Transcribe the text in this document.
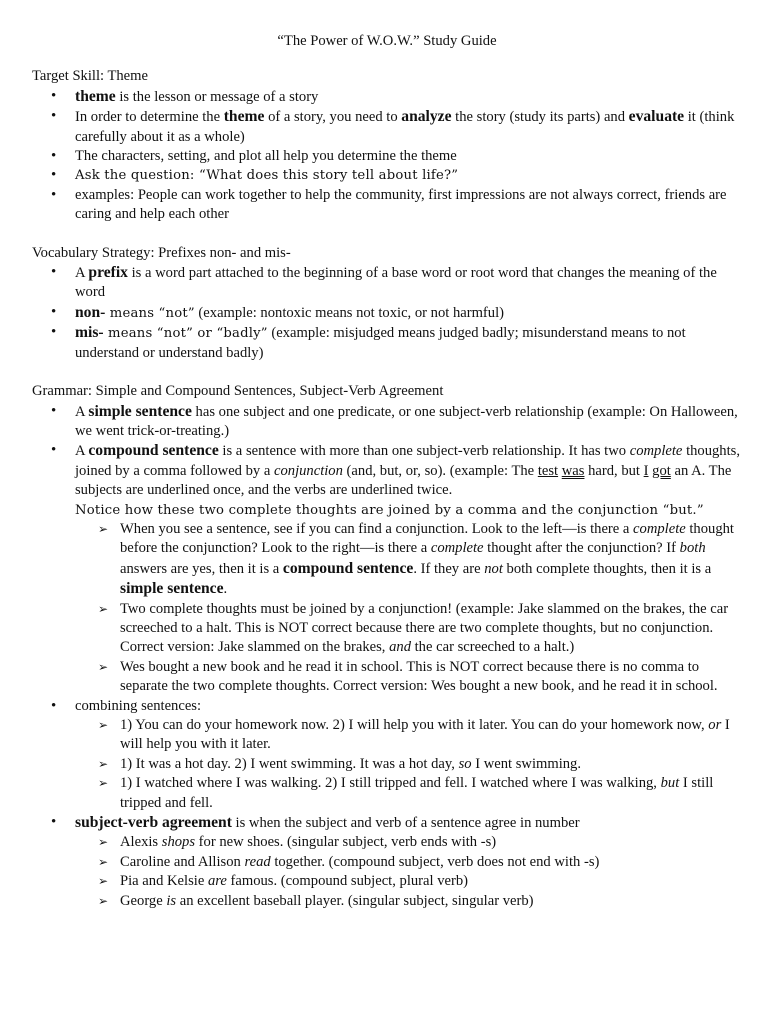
“The Power of W.O.W.” Study Guide
Target Skill: Theme
• theme is the lesson or message of a story
• In order to determine the theme of a story, you need to analyze the story (study its parts) and evaluate it (think carefully about it as a whole)
• The characters, setting, and plot all help you determine the theme
• Ask the question: “What does this story tell about life?”
• examples: People can work together to help the community, first impressions are not always correct, friends are caring and help each other
Vocabulary Strategy: Prefixes non- and mis-
• A prefix is a word part attached to the beginning of a base word or root word that changes the meaning of the word
• non- means “not” (example: nontoxic means not toxic, or not harmful)
• mis- means “not” or “badly” (example: misjudged means judged badly; misunderstand means to not understand or understand badly)
Grammar: Simple and Compound Sentences, Subject-Verb Agreement
• A simple sentence has one subject and one predicate, or one subject-verb relationship (example: On Halloween, we went trick-or-treating.)
• A compound sentence is a sentence with more than one subject-verb relationship. It has two complete thoughts, joined by a comma followed by a conjunction (and, but, or, so). (example: The test was hard, but I got an A. The subjects are underlined once, and the verbs are underlined twice.
Notice how these two complete thoughts are joined by a comma and the conjunction “but.”
➢ When you see a sentence, see if you can find a conjunction. Look to the left—is there a complete thought before the conjunction? Look to the right—is there a complete thought after the conjunction? If both answers are yes, then it is a compound sentence. If they are not both complete thoughts, then it is a simple sentence.
➢ Two complete thoughts must be joined by a conjunction! (example: Jake slammed on the brakes, the car screeched to a halt. This is NOT correct because there are two complete thoughts, but no conjunction. Correct version: Jake slammed on the brakes, and the car screeched to a halt.)
➢ Wes bought a new book and he read it in school. This is NOT correct because there is no comma to separate the two complete thoughts. Correct version: Wes bought a new book, and he read it in school.
• combining sentences:
➢ 1) You can do your homework now. 2) I will help you with it later. You can do your homework now, or I will help you with it later.
➢ 1) It was a hot day. 2) I went swimming. It was a hot day, so I went swimming.
➢ 1) I watched where I was walking. 2) I still tripped and fell. I watched where I was walking, but I still tripped and fell.
• subject-verb agreement is when the subject and verb of a sentence agree in number
➢ Alexis shops for new shoes. (singular subject, verb ends with -s)
➢ Caroline and Allison read together. (compound subject, verb does not end with -s)
➢ Pia and Kelsie are famous. (compound subject, plural verb)
➢ George is an excellent baseball player. (singular subject, singular verb)
